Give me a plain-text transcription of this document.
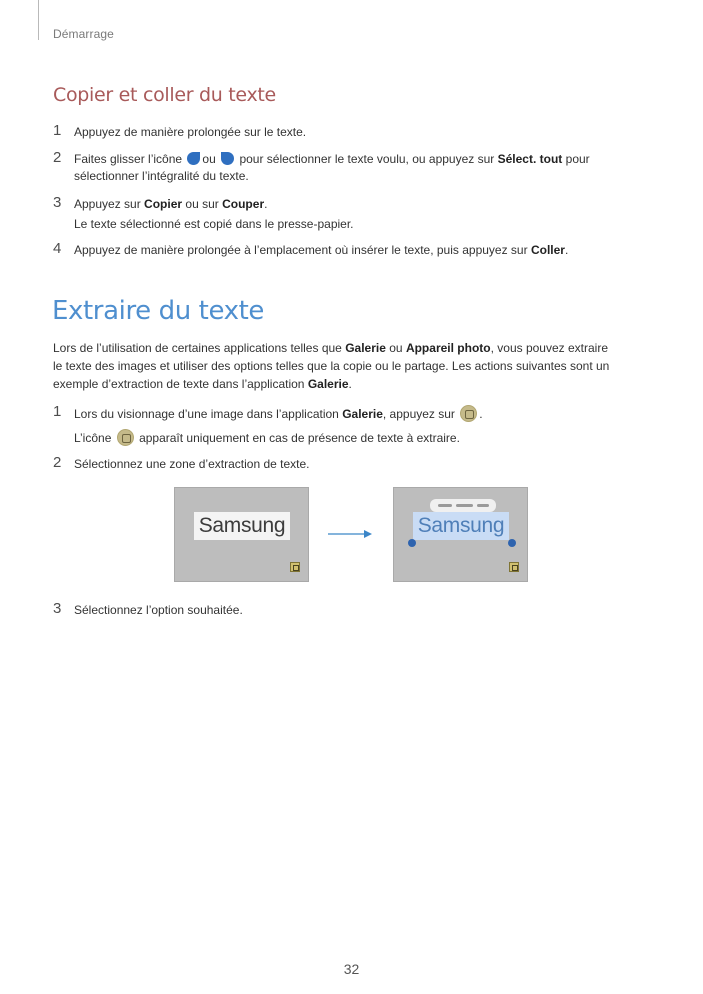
Démarrage
Copier et coller du texte
1	Appuyez de manière prolongée sur le texte.
2	Faites glisser l’icône ou pour sélectionner le texte voulu, ou appuyez sur Sélect. tout pour
sélectionner l’intégralité du texte.
3	Appuyez sur Copier ou sur Couper.
Le texte sélectionné est copié dans le presse-papier.
4	Appuyez de manière prolongée à l’emplacement où insérer le texte, puis appuyez sur Coller.
Extraire du texte
Lors de l’utilisation de certaines applications telles que Galerie ou Appareil photo, vous pouvez extraire
le texte des images et utiliser des options telles que la copie ou le partage. Les actions suivantes sont un
exemple d’extraction de texte dans l’application Galerie.
1	Lors du visionnage d’une image dans l’application Galerie, appuyez sur .
L’icône apparaît uniquement en cas de présence de texte à extraire.
2	Sélectionnez une zone d’extraction de texte.
Samsung	Samsung
3	Sélectionnez l’option souhaitée.
32
